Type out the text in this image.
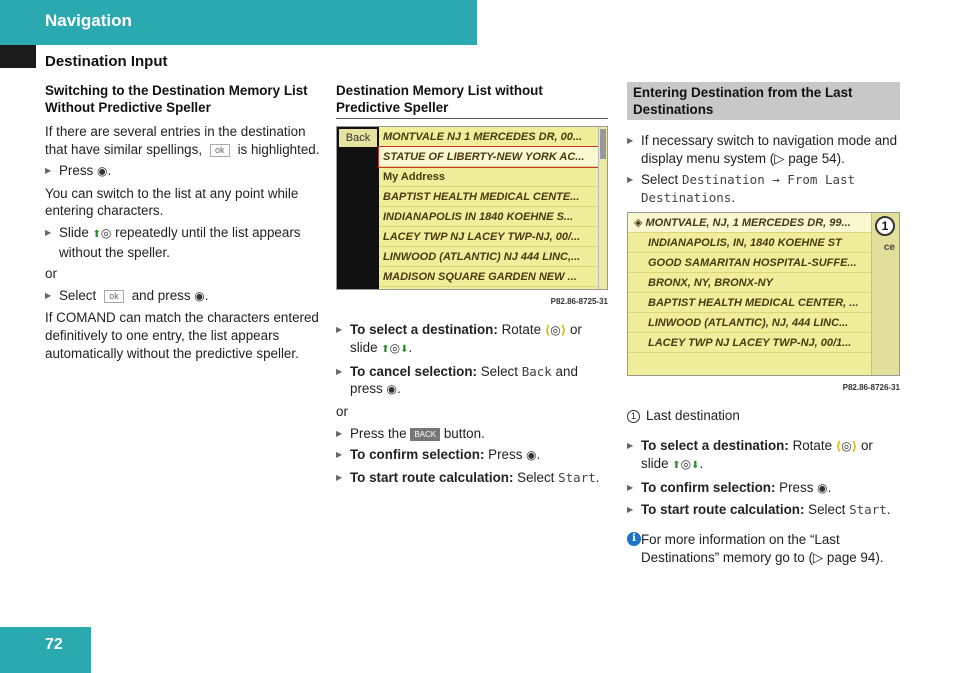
Navigation
Destination Input
Switching to the Destination Memory List Without Predictive Speller

If there are several entries in the destination that have similar spellings, ok is highlighted.

▶ Press ◉.

You can switch to the list at any point while entering characters.

▶ Slide ⬆◎ repeatedly until the list appears without the speller.

or

▶ Select ok and press ◉.

If COMAND can match the characters entered definitively to one entry, the list appears automatically without the predictive speller.

Destination Memory List without Predictive Speller
Back	MONTVALE NJ 1 MERCEDES DR, 00...
STATUE OF LIBERTY-NEW YORK AC...
My Address
BAPTIST HEALTH MEDICAL CENTE...
INDIANAPOLIS IN 1840 KOEHNE S...
LACEY TWP NJ LACEY TWP-NJ, 00/...
LINWOOD (ATLANTIC) NJ 444 LINC,...
MADISON SQUARE GARDEN NEW ...
P82.86-8725-31
▶ To select a destination: Rotate ⟨◎⟩ or slide ⬆◎⬇.
▶ To cancel selection: Select Back and press ◉.

or

▶ Press the BACK button.
▶ To confirm selection: Press ◉.
▶ To start route calculation: Select Start.
Entering Destination from the Last Destinations
▶ If necessary switch to navigation mode and display menu system (▷ page 54).
▶ Select Destination → From Last Destinations.
◈ MONTVALE, NJ, 1 MERCEDES DR, 99...
INDIANAPOLIS, IN, 1840 KOEHNE ST
GOOD SAMARITAN HOSPITAL-SUFFE...
BRONX, NY, BRONX-NY
BAPTIST HEALTH MEDICAL CENTER, ...
LINWOOD (ATLANTIC), NJ, 444 LINC...
LACEY TWP NJ LACEY TWP-NJ, 00/1...
ce
1
P82.86-8726-31

1 Last destination

▶ To select a destination: Rotate ⟨◎⟩ or slide ⬆◎⬇.
▶ To confirm selection: Press ◉.
▶ To start route calculation: Select Start.

i For more information on the “Last Destinations” memory go to (▷ page 94).

72
